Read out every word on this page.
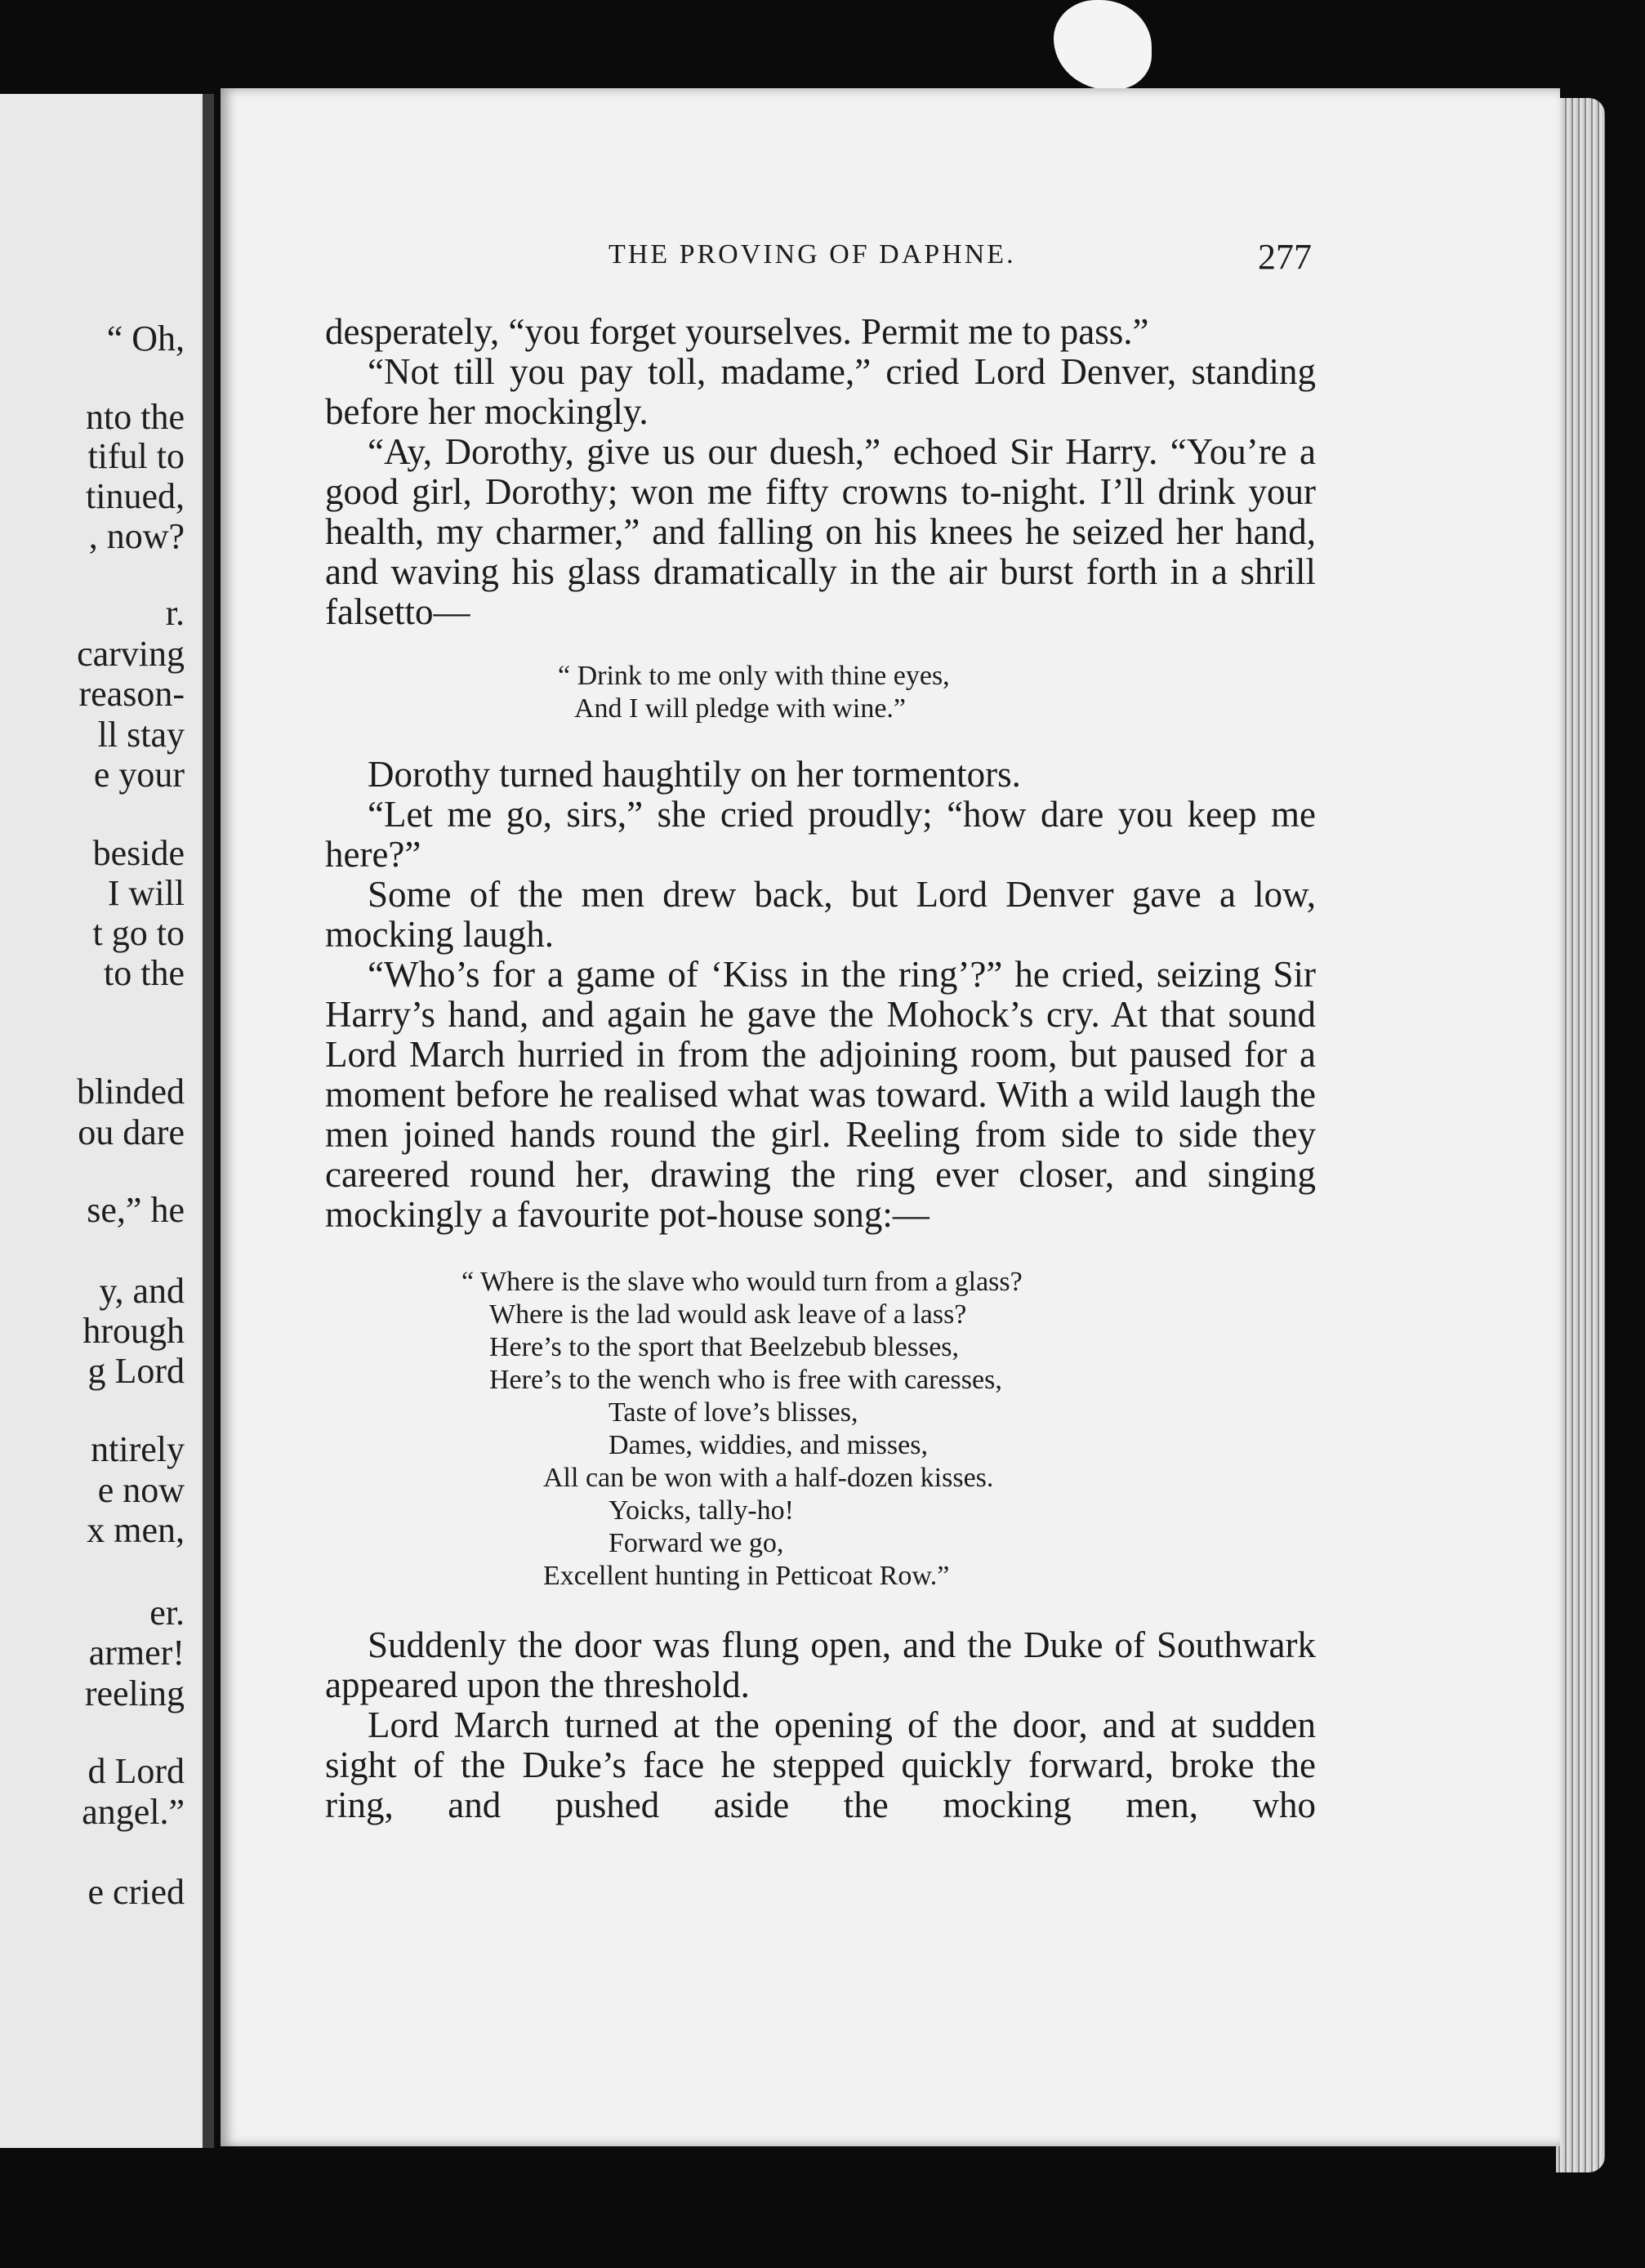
“ Oh,
nto the
tiful to
tinued,
, now?
r.
carving
reason-
ll stay
e your
beside
I will
t go to
to the
blinded
ou dare
se,” he
y, and
hrough
g Lord
ntirely
e now
x men,
er.
armer!
reeling
d Lord
angel.”
e cried
THE PROVING OF DAPHNE.	277

desperately, “you forget yourselves. Permit me to pass.”

“Not till you pay toll, madame,” cried Lord Denver, standing before her mockingly.

“Ay, Dorothy, give us our duesh,” echoed Sir Harry. “You’re a good girl, Dorothy; won me fifty crowns to-night. I’ll drink your health, my charmer,” and falling on his knees he seized her hand, and waving his glass dramatically in the air burst forth in a shrill falsetto—

“ Drink to me only with thine eyes,
And I will pledge with wine.”

Dorothy turned haughtily on her tormentors.

“Let me go, sirs,” she cried proudly; “how dare you keep me here?”

Some of the men drew back, but Lord Denver gave a low, mocking laugh.

“Who’s for a game of ‘Kiss in the ring’?” he cried, seizing Sir Harry’s hand, and again he gave the Mohock’s cry. At that sound Lord March hurried in from the adjoining room, but paused for a moment before he realised what was toward. With a wild laugh the men joined hands round the girl. Reeling from side to side they careered round her, drawing the ring ever closer, and singing mockingly a favourite pot-house song:—

“ Where is the slave who would turn from a glass?
Where is the lad would ask leave of a lass?
Here’s to the sport that Beelzebub blesses,
Here’s to the wench who is free with caresses,
Taste of love’s blisses,
Dames, widdies, and misses,
All can be won with a half-dozen kisses.
Yoicks, tally-ho!
Forward we go,
Excellent hunting in Petticoat Row.”

Suddenly the door was flung open, and the Duke of Southwark appeared upon the threshold.

Lord March turned at the opening of the door, and at sudden sight of the Duke’s face he stepped quickly forward, broke the ring, and pushed aside the mocking men, who
